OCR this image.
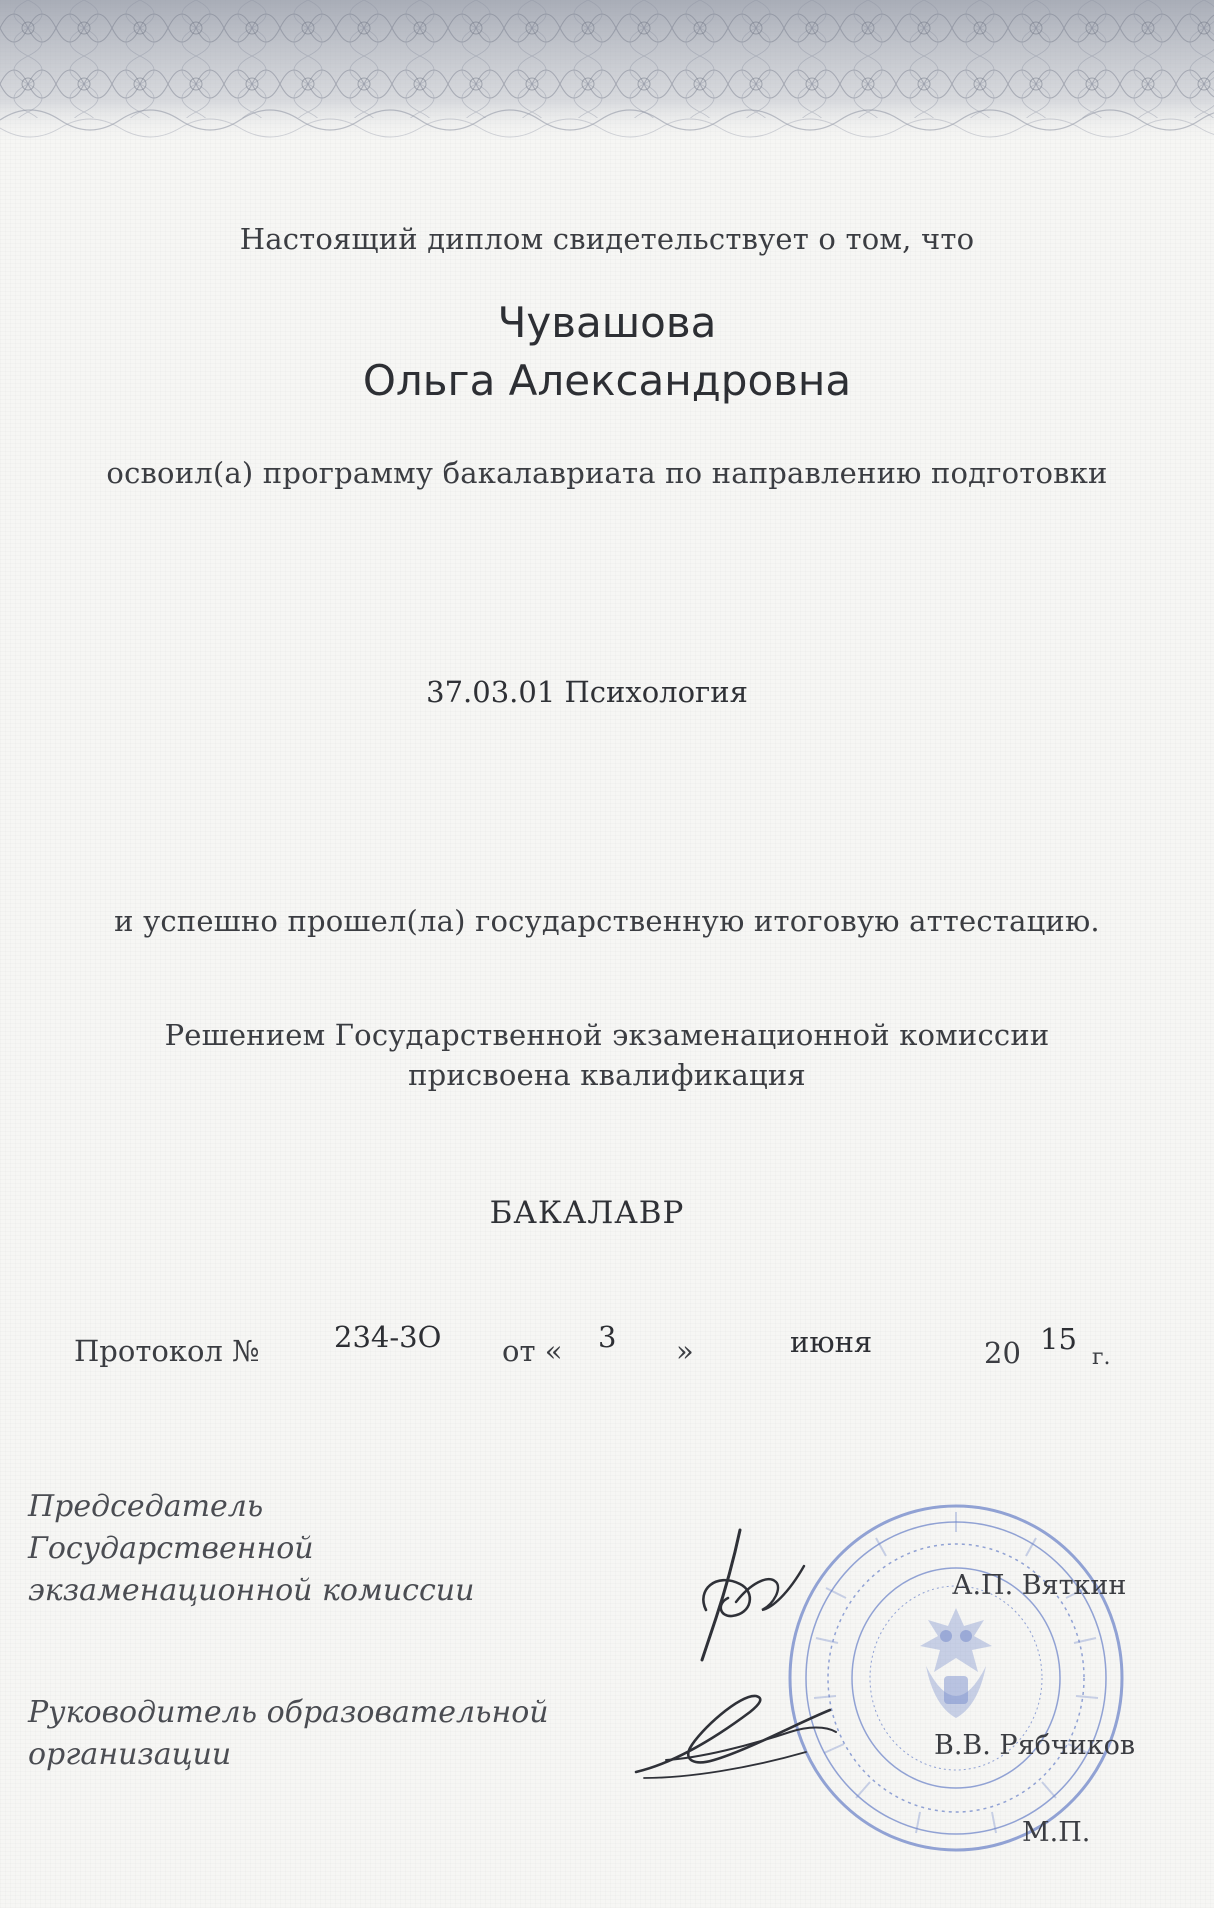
Настоящий диплом свидетельствует о том, что

Чувашова

Ольга Александровна

освоил(а) программу бакалавриата по направлению подготовки

37.03.01 Психология

и успешно прошел(ла) государственную итоговую аттестацию.

Решением Государственной экзаменационной комиссии

присвоена квалификация

БАКАЛАВР

Протокол №	234-3О от « 3 »	июня	20 15

г.

Председатель
Государственной
экзаменационной комиссии
Руководитель образовательной
организации

А.П. Вяткин

В.В. Рябчиков

М.П.
